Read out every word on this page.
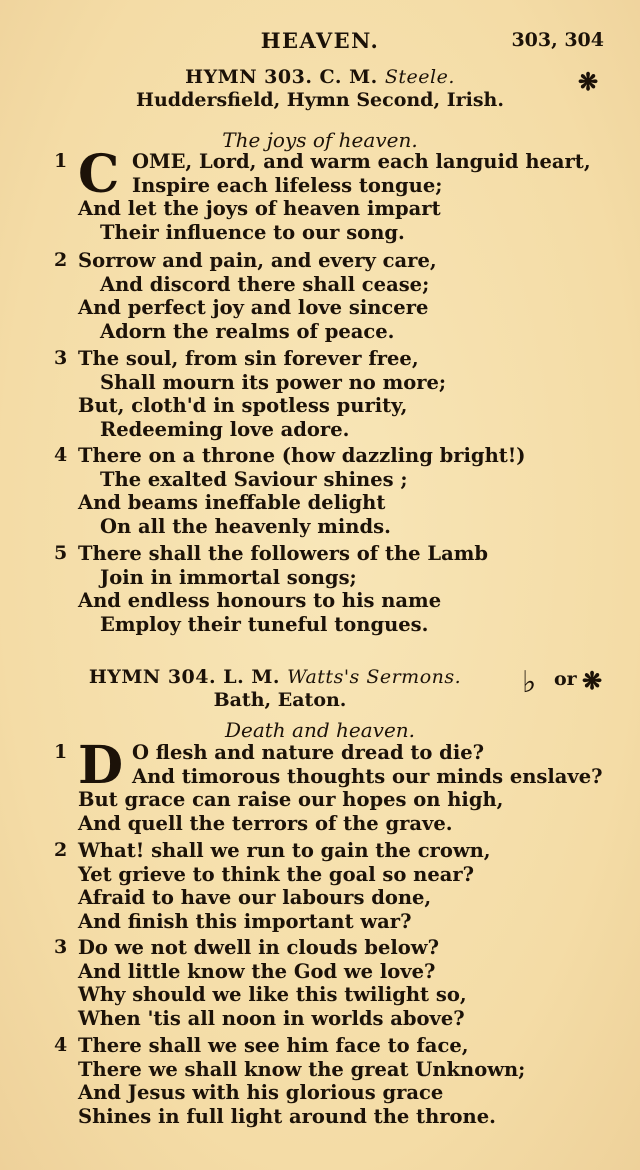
HEAVEN.	303, 304
HYMN 303. C. M. Steele.
Huddersfield, Hymn Second, Irish.
❋
The joys of heaven.
1 C OME, Lord, and warm each languid heart,
Inspire each lifeless tongue;
And let the joys of heaven impart
Their influence to our song.
2 Sorrow and pain, and every care,
And discord there shall cease;
And perfect joy and love sincere
Adorn the realms of peace.
3 The soul, from sin forever free,
Shall mourn its power no more;
But, cloth'd in spotless purity,
Redeeming love adore.
4 There on a throne (how dazzling bright!)
The exalted Saviour shines ;
And beams ineffable delight
On all the heavenly minds.
5 There shall the followers of the Lamb
Join in immortal songs;
And endless honours to his name
Employ their tuneful tongues.
HYMN 304. L. M. Watts's Sermons.
Bath, Eaton.	♭ or ❋
Death and heaven.
1 D O flesh and nature dread to die?
And timorous thoughts our minds enslave?
But grace can raise our hopes on high,
And quell the terrors of the grave.
2 What! shall we run to gain the crown,
Yet grieve to think the goal so near?
Afraid to have our labours done,
And finish this important war?
3 Do we not dwell in clouds below?
And little know the God we love?
Why should we like this twilight so,
When 'tis all noon in worlds above?
4 There shall we see him face to face,
There we shall know the great Unknown;
And Jesus with his glorious grace
Shines in full light around the throne.
